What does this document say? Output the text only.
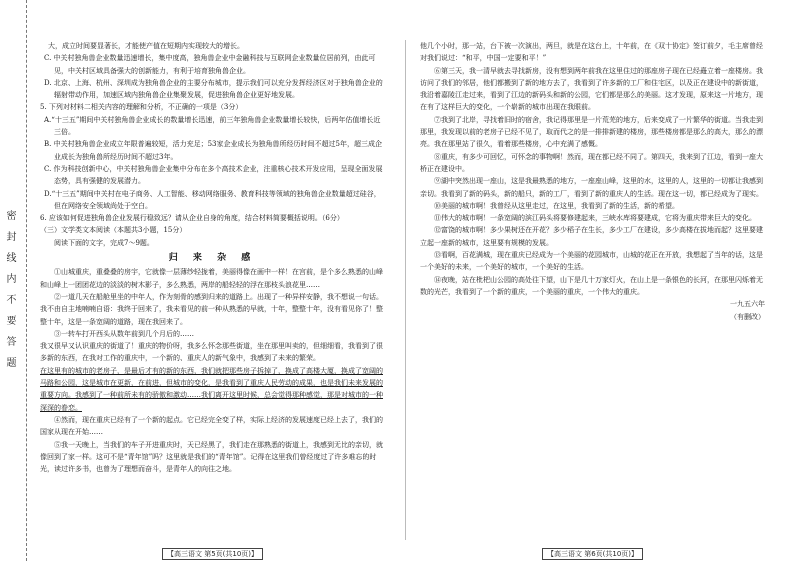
密 封 线 内 不 要 答 题

大，成立时间要显著长，才能使产值在短期内实现较大的增长。

C. 中关村独角兽企业数量迅速增长，集中度高，独角兽企业中金融科技与互联网企业数量位居前列，由此可见，中关村区域具备强大的创新能力，有利于培育独角兽企业。

D. 北京、上海、杭州、深圳成为独角兽企业的主要分布城市，提示我们可以充分发挥经济区对于独角兽企业的辐射带动作用，加速区域内独角兽企业集聚发展，促进独角兽企业更好地发展。

5. 下列对材料二相关内容的理解和分析，不正确的一项是（3分）

A.“十三五”期间中关村独角兽企业成长的数量增长迅速，前三年独角兽企业数量增长较快，后两年估值增长近三倍。

B. 中关村独角兽企业成立年限普遍较短，活力充足；53家企业成长为独角兽所经历时间不超过5年，超三成企业成长为独角兽所经历时间不超过3年。

C. 作为科技创新中心，中关村独角兽企业集中分布在多个高技术企业，注重核心技术开发应用，呈现全面发展态势，具有强健的发展潜力。

D.“十三五”期间中关村在电子商务、人工智能、移动网络服务、教育科技等领域的独角兽企业数量超过硅谷，但在网络安全领域尚处于空白。

6. 应该如何促进独角兽企业发展行稳致远？请从企业自身的角度，结合材料简要概括说明。（6分）

（三）文学类文本阅读（本题共3小题，15分）

阅读下面的文字，完成7～9题。

归 来 杂 感

①山城重庆，重叠叠的房宇，它就像一层薄纱轻拢着，美丽得像在画中一样！在宫前，是个多么熟悉的山峰和山峰上一团团花边的淡淡的树木影子，多么熟悉，两岸的船轻轻的浮在那枝头浪花里……

②一道几天在船舱里坐的中年人，作为刻骨的感到归来的道路上。出现了一种异样安静，我不想说一句话。我不由自主地喃喃自语：我终于回来了，我未看见的前一种从熟悉的早就，十年，整整十年，没有看见你了！整整十年，这是一条宽阔的道路，现在我回来了。

③一转车打开西头从数年前到几个月后的……

我又很早又认识重庆的街道了！重庆的物价呀，我多么怀念那些街道，坐在那里叫卖的，但细细看，我看到了很多新的东西，在我对工作的重庆中，一个新的、重庆人的新气象中，我感到了未来的繁荣。

在这里有的城市的老房子，是最后才有的新的东西，我们就把那些房子拆掉了，换成了高楼大厦，换成了宽阔的马路和公园，这是城市在更新，在前进，但城市的变化，是我看到了重庆人民劳动的成果，也是我们未来发展的重要方向。我感到了一种前所未有的骄傲和激动……我们离开这里时候，总会觉得那种感觉，那是对城市的一种深深的眷恋。

④然而，现在重庆已经有了一个新的起点。它已经完全变了样，实际上经济的发展速度已经上去了，我们的国家从现在开始……

⑤我一天晚上，当我们的车子开进重庆时，天已经黑了，我们走在那熟悉的街道上，我感到无比的亲切，就像回到了家一样。这可不是“青年馆”吗？这里就是我们的“青年馆”。记得在这里我们曾经度过了许多难忘的时光，读过许多书，也曾为了理想而奋斗，是青年人的向往之地。

他几个小时，那一站，台下被一次演出，两旦，就是在这台上，十年前，在《双十协定》签订前夕，毛主席曾经对我们说过：“和平，中国一定要和平！”

⑥第三天，我一清早就去寻找新房，没有想到两年前我在这里住过的那座房子现在已经矗立着一座楼房。我访问了我们的邻居，他们都搬到了新的地方去了，我看到了许多新的工厂和住宅区，以及正在建设中的新街道，我沿着嘉陵江走过来，看到了江边的新码头和新的公园，它们都是那么的美丽。这才发现，原来这一片地方，现在有了这样巨大的变化，一个崭新的城市出现在我眼前。

⑦我到了北岸，寻找着旧时的宿舍，我记得那里是一片荒芜的地方，后来变成了一片繁华的街道。当我走到那里，我发现以前的老房子已经不见了，取而代之的是一排排新建的楼房，那些楼房都是那么的高大，那么的漂亮。我在那里站了很久，看着那些楼房，心中充满了感慨。

⑧重庆，有多少可回忆，可怀念的事物啊！然而，现在都已经不同了。第四天，我来到了江边，看到一座大桥正在建设中。

⑨湖中突然出现一座山，这是我最熟悉的地方，一座座山峰，这里的水，这里的人，这里的一切都让我感到亲切。我看到了新的码头，新的船只，新的工厂，看到了新的重庆人的生活。现在这一切，都已经成为了现实。

⑩美丽的城市啊！我曾经从这里走过，在这里，我看到了新的生活，新的希望。

⑪伟大的城市啊！一条宽阔的滨江码头将要修建起来，三峡水库将要建成，它将为重庆带来巨大的变化。

⑫富饶的城市啊！多少果树还在开花？多少稻子在生长，多少工厂在建设，多少高楼在拔地而起？这里要建立起一座新的城市，这里要有规模的发展。

⑬看啊，百花满城，现在重庆已经成为一个美丽的花园城市，山城的花正在开放，我想起了当年的话，这是一个美好的未来，一个美好的城市，一个美好的生活。

⑭夜晚，站在枇杷山公园的高处往下望，山下是几十万家灯火，在山上是一条银色的长河，在那里闪烁着无数的光芒，我看到了一个新的重庆，一个美丽的重庆，一个伟大的重庆。

一九五六年

（有删改）

【高三语文 第5页(共10页)】	【高三语文 第6页(共10页)】
